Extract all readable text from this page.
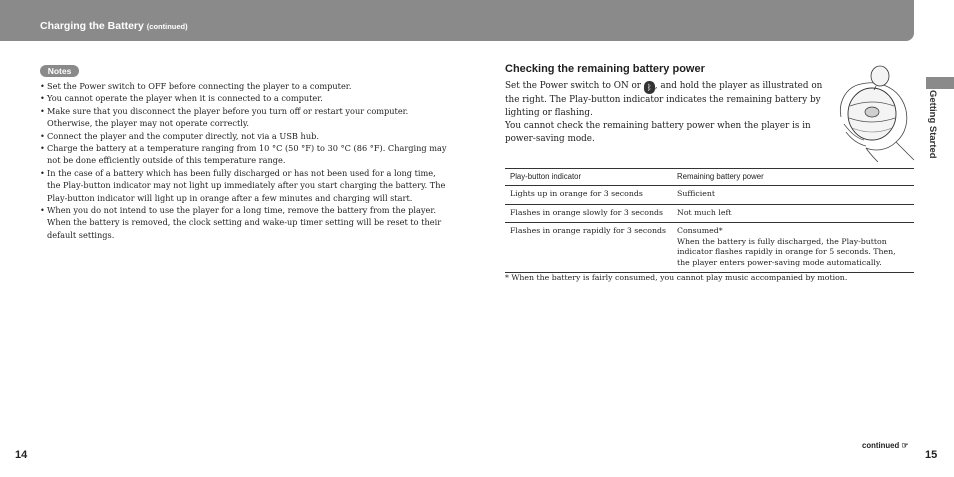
Charging the Battery (continued)
Notes
• Set the Power switch to OFF before connecting the player to a computer.
• You cannot operate the player when it is connected to a computer.
• Make sure that you disconnect the player before you turn off or restart your computer. Otherwise, the player may not operate correctly.
• Connect the player and the computer directly, not via a USB hub.
• Charge the battery at a temperature ranging from 10 °C (50 °F) to 30 °C (86 °F). Charging may not be done efficiently outside of this temperature range.
• In the case of a battery which has been fully discharged or has not been used for a long time, the Play-button indicator may not light up immediately after you start charging the battery. The Play-button indicator will light up in orange after a few minutes and charging will start.
• When you do not intend to use the player for a long time, remove the battery from the player. When the battery is removed, the clock setting and wake-up timer setting will be reset to their default settings.
Checking the remaining battery power

Set the Power switch to ON or ᛒ , and hold the player as illustrated on the right. The Play-button indicator indicates the remaining battery by lighting or flashing.
You cannot check the remaining battery power when the player is in power-saving mode.

Play-button indicator	Remaining battery power
Lights up in orange for 3 seconds	Sufficient
Flashes in orange slowly for 3 seconds	Not much left
Flashes in orange rapidly for 3 seconds	Consumed*
When the battery is fully discharged, the Play-button indicator flashes rapidly in orange for 5 seconds. Then, the player enters power-saving mode automatically.
* When the battery is fairly consumed, you cannot play music accompanied by motion.
Getting Started
14
continued ☞
15
